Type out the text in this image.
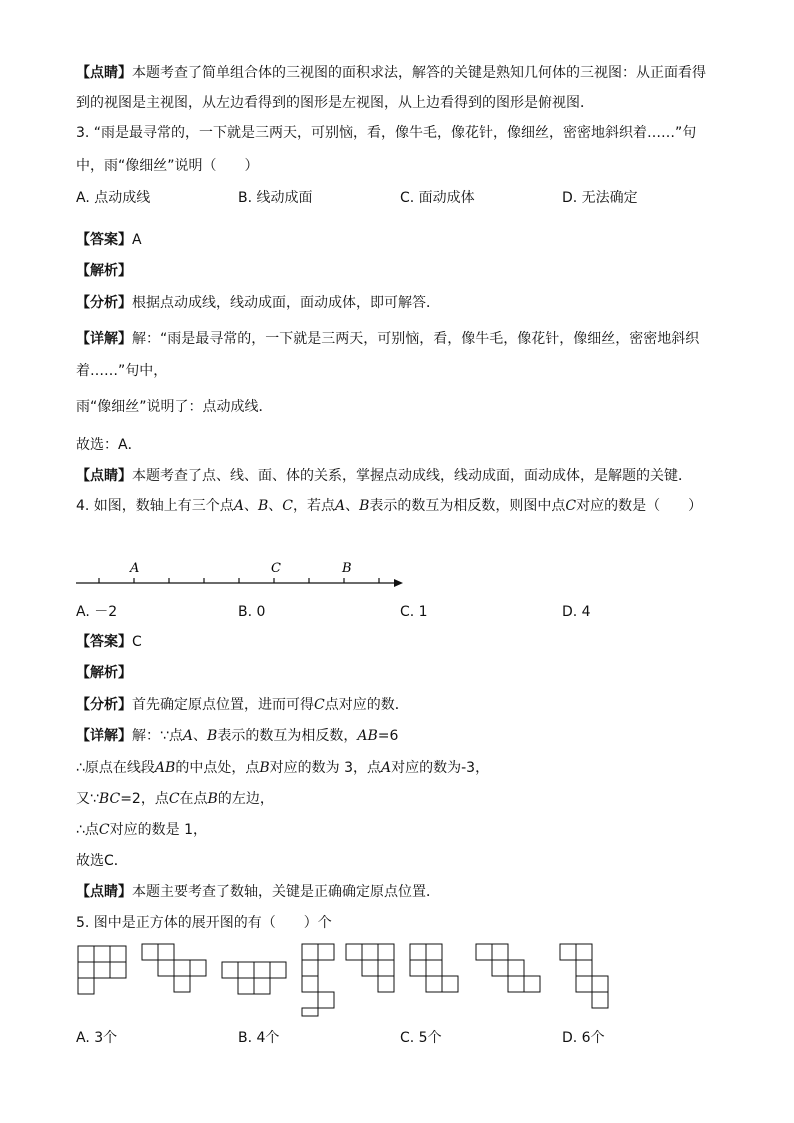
【点睛】本题考查了简单组合体的三视图的面积求法，解答的关键是熟知几何体的三视图：从正面看得
到的视图是主视图，从左边看得到的图形是左视图，从上边看得到的图形是俯视图．
3. “雨是最寻常的，一下就是三两天，可别恼，看，像牛毛，像花针，像细丝，密密地斜织着……”句
中，雨“像细丝”说明（　　）
A. 点动成线	B. 线动成面	C. 面动成体	D. 无法确定
【答案】A
【解析】
【分析】根据点动成线，线动成面，面动成体，即可解答．
【详解】解：“雨是最寻常的，一下就是三两天，可别恼，看，像牛毛，像花针，像细丝，密密地斜织
着……”句中，
雨“像细丝”说明了：点动成线．
故选：A．
【点睛】本题考查了点、线、面、体的关系，掌握点动成线，线动成面，面动成体，是解题的关键．
4. 如图，数轴上有三个点A、B、C，若点A、B表示的数互为相反数，则图中点C对应的数是（　　）
A	C	B
A. －2	B. 0	C. 1	D. 4
【答案】C
【解析】
【分析】首先确定原点位置，进而可得C点对应的数．
【详解】解：∵点A、B表示的数互为相反数，AB=6
∴原点在线段AB的中点处，点B对应的数为 3，点A对应的数为-3，
又∵BC=2，点C在点B的左边，
∴点C对应的数是 1，
故选C．
【点睛】本题主要考查了数轴，关键是正确确定原点位置．
5. 图中是正方体的展开图的有（　　）个
A. 3个	B. 4个	C. 5个	D. 6个
